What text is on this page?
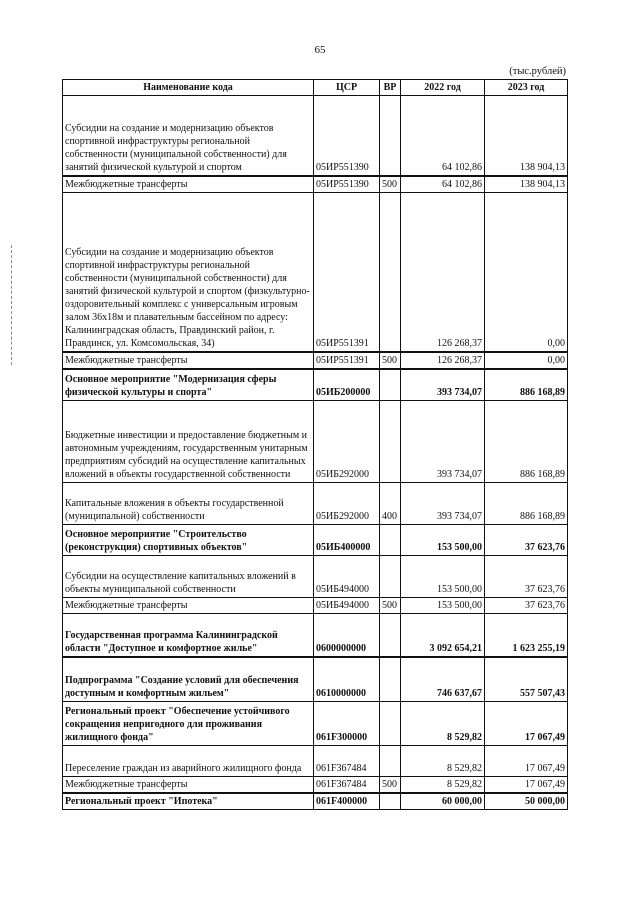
65
(тыс.рублей)
Наименование кода	ЦСР	ВР	2022 год	2023 год
Субсидии на создание и модернизацию объектов спортивной инфраструктуры региональной собственности (муниципальной собственности) для занятий физической культурой и спортом	05ИР551390		64 102,86	138 904,13
Межбюджетные трансферты	05ИР551390	500	64 102,86	138 904,13
Субсидии на создание и модернизацию объектов спортивной инфраструктуры региональной собственности (муниципальной собственности) для занятий физической культурой и спортом (физкультурно-оздоровительный комплекс с универсальным игровым залом 36х18м и плавательным бассейном по адресу: Калининградская область, Правдинский район, г. Правдинск, ул. Комсомольская, 34)	05ИР551391		126 268,37	0,00
Межбюджетные трансферты	05ИР551391	500	126 268,37	0,00
Основное мероприятие "Модернизация сферы физической культуры и спорта"	05ИБ200000		393 734,07	886 168,89
Бюджетные инвестиции и предоставление бюджетным и автономным учреждениям, государственным унитарным предприятиям субсидий на осуществление капитальных вложений в объекты государственной собственности	05ИБ292000		393 734,07	886 168,89
Капитальные вложения в объекты государственной (муниципальной) собственности	05ИБ292000	400	393 734,07	886 168,89
Основное мероприятие "Строительство (реконструкция) спортивных объектов"	05ИБ400000		153 500,00	37 623,76
Субсидии на осуществление капитальных вложений в объекты муниципальной собственности	05ИБ494000		153 500,00	37 623,76
Межбюджетные трансферты	05ИБ494000	500	153 500,00	37 623,76
Государственная программа Калининградской области "Доступное и комфортное жилье"	0600000000		3 092 654,21	1 623 255,19
Подпрограмма "Создание условий для обеспечения доступным и комфортным жильем"	0610000000		746 637,67	557 507,43
Региональный проект "Обеспечение устойчивого сокращения непригодного для проживания жилищного фонда"	061F300000		8 529,82	17 067,49
Переселение граждан из аварийного жилищного фонда	061F367484		8 529,82	17 067,49
Межбюджетные трансферты	061F367484	500	8 529,82	17 067,49
Региональный проект "Ипотека"	061F400000		60 000,00	50 000,00
